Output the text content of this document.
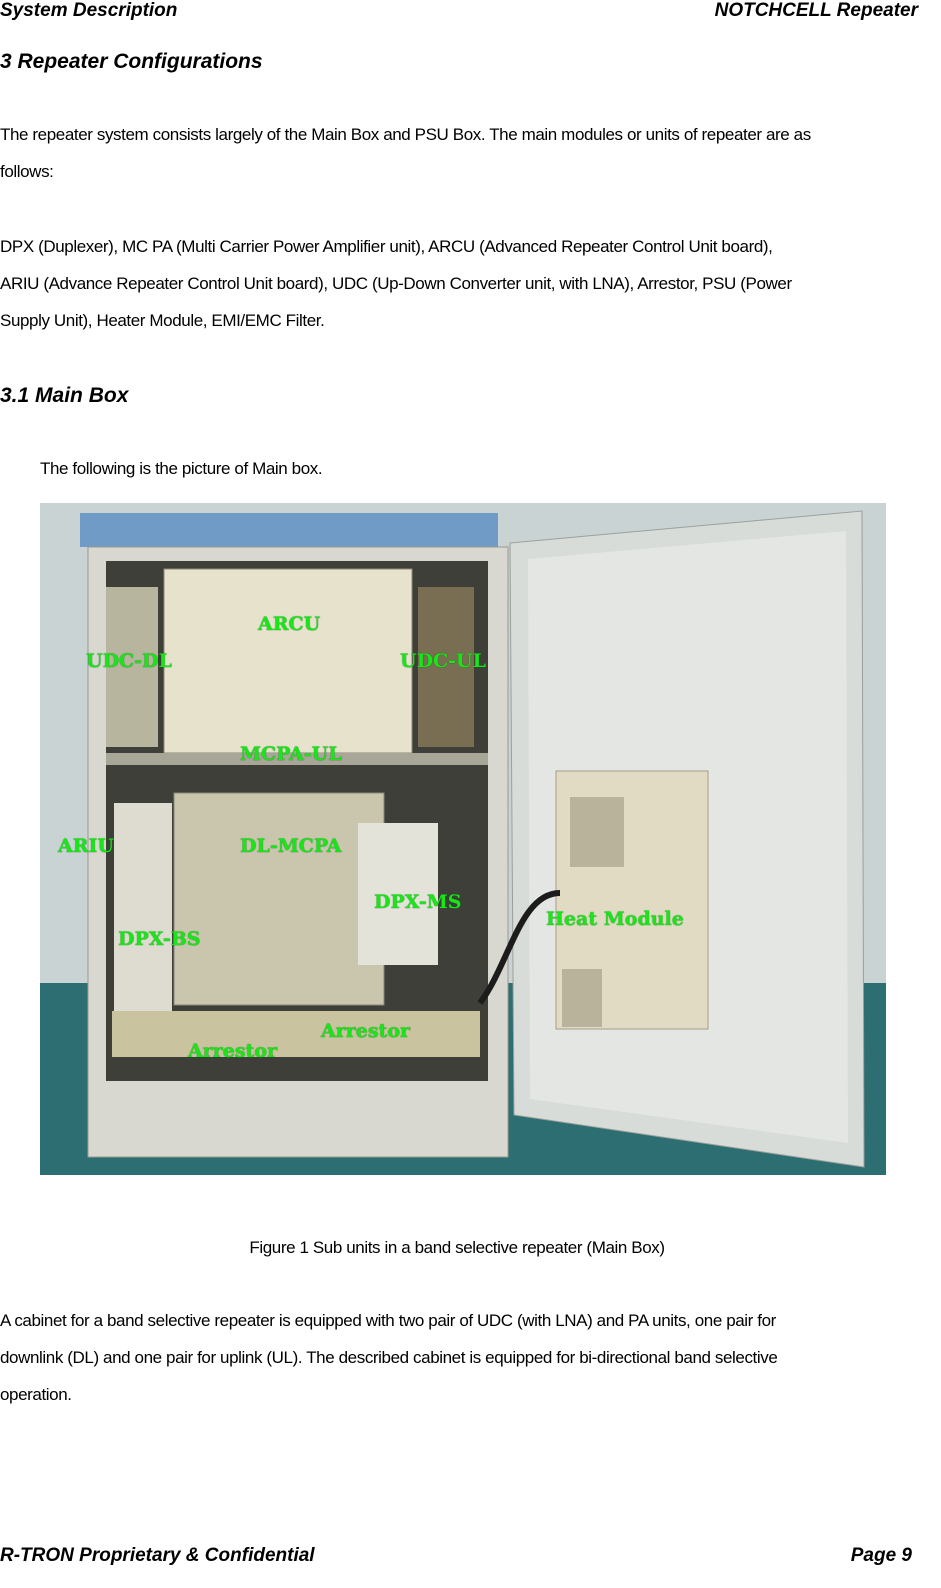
System Description	NOTCHCELL Repeater
3 Repeater Configurations
The repeater system consists largely of the Main Box and PSU Box. The main modules or units of repeater are as
follows:
DPX (Duplexer), MC PA (Multi Carrier Power Amplifier unit), ARCU (Advanced Repeater Control Unit board),
ARIU (Advance Repeater Control Unit board), UDC (Up-Down Converter unit, with LNA), Arrestor, PSU (Power
Supply Unit), Heater Module, EMI/EMC Filter.
3.1 Main Box
The following is the picture of Main box.
ARCU
UDC-DL	UDC-UL
MCPA-UL
ARIU	DL-MCPA
DPX-MS
Heat Module
DPX-BS
Arrestor
Arrestor
Figure 1 Sub units in a band selective repeater (Main Box)
A cabinet for a band selective repeater is equipped with two pair of UDC (with LNA) and PA units, one pair for
downlink (DL) and one pair for uplink (UL). The described cabinet is equipped for bi-directional band selective
operation.
R-TRON Proprietary & Confidential	Page 9
